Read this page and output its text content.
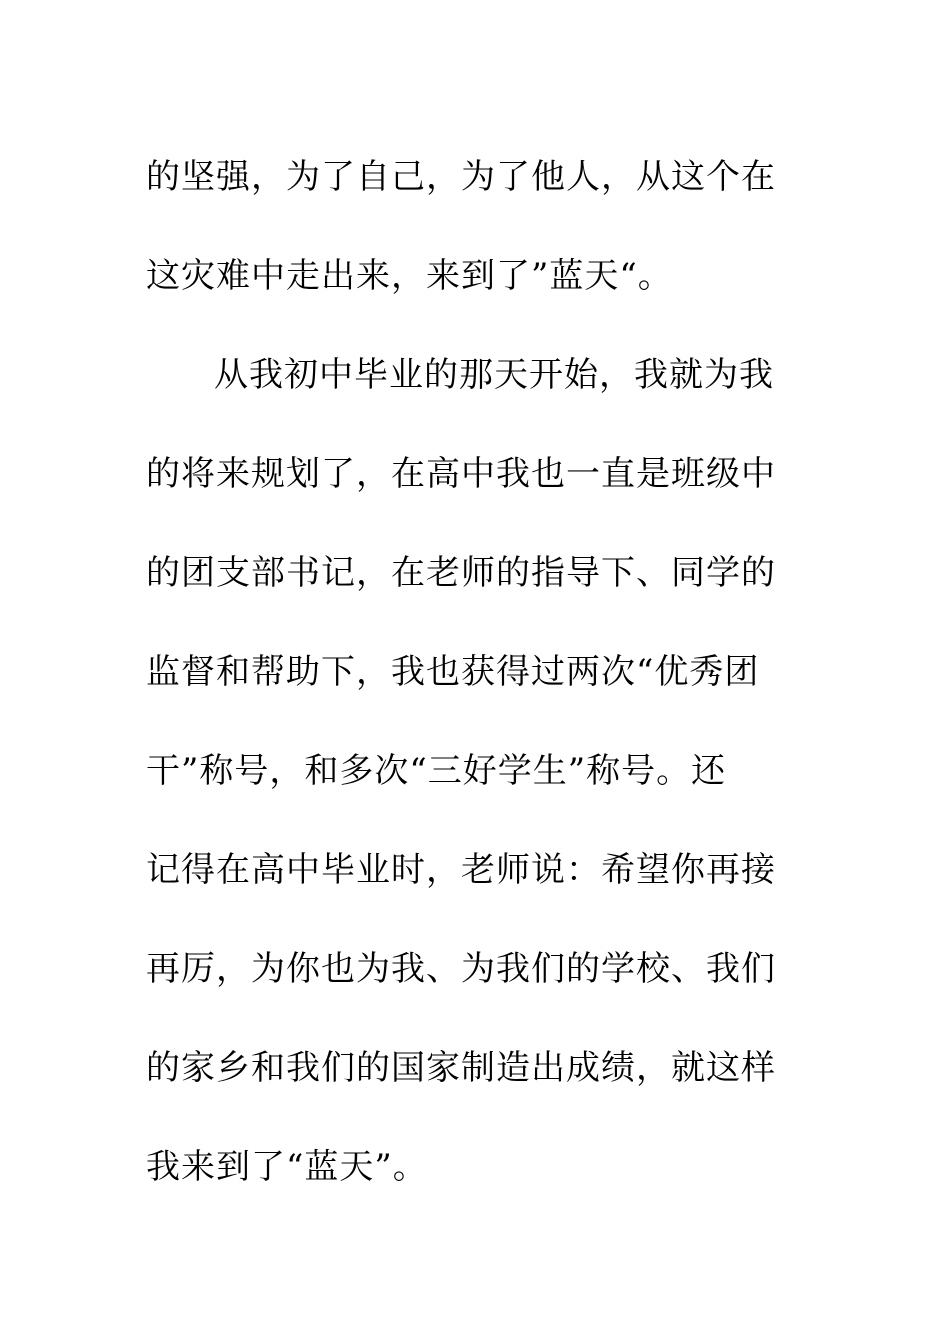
的坚强，为了自己，为了他人，从这个在
这灾难中走出来，来到了”蓝天“。
从我初中毕业的那天开始，我就为我
的将来规划了，在高中我也一直是班级中
的团支部书记，在老师的指导下、同学的
监督和帮助下，我也获得过两次“优秀团
干”称号，和多次“三好学生”称号。还
记得在高中毕业时，老师说：希望你再接
再厉，为你也为我、为我们的学校、我们
的家乡和我们的国家制造出成绩，就这样
我来到了“蓝天”。
